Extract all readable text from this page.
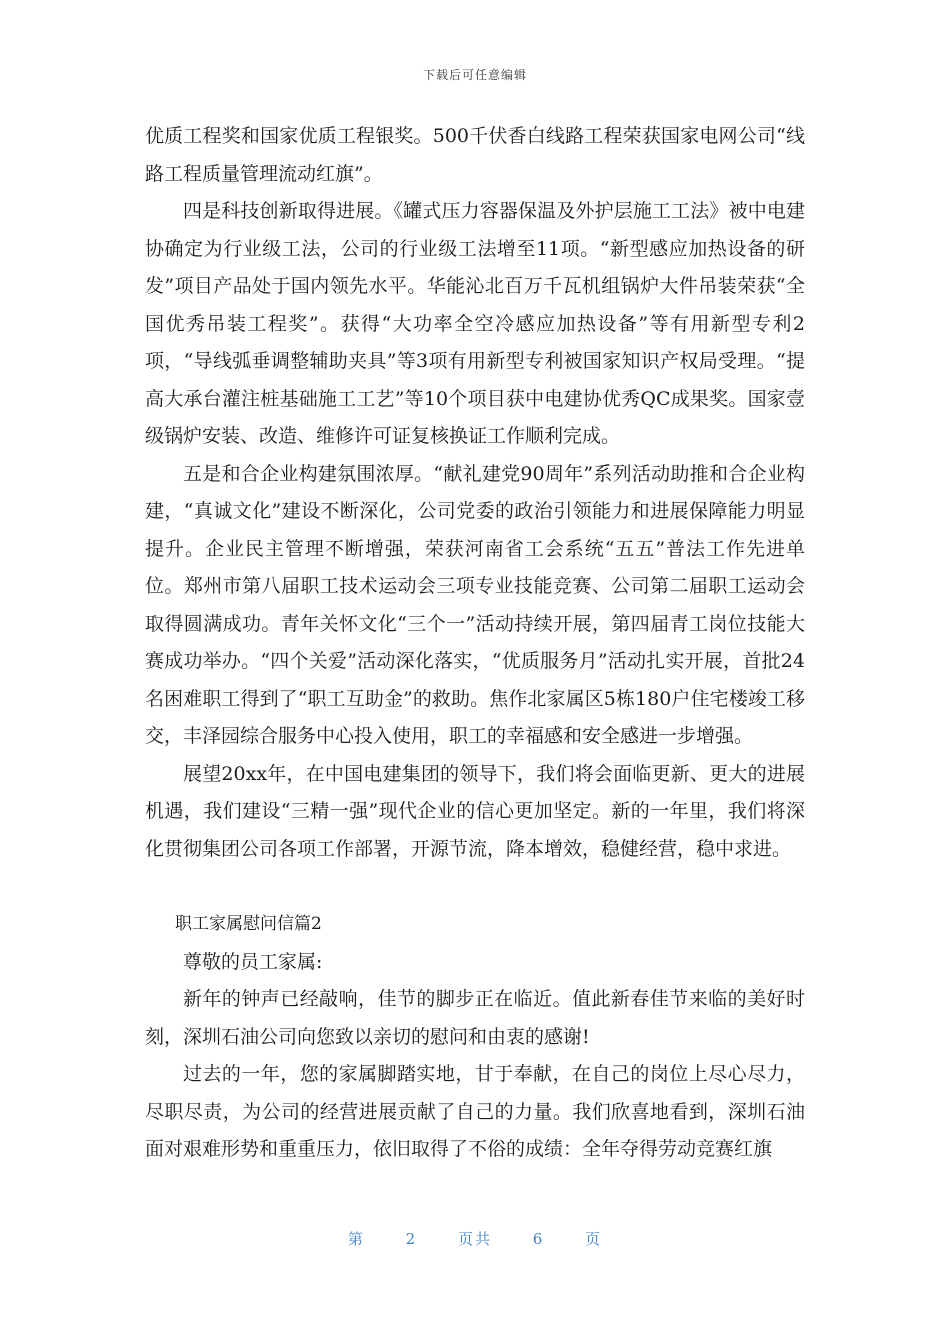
下载后可任意编辑

优质工程奖和国家优质工程银奖。500千伏香白线路工程荣获国家电网公司“线路工程质量管理流动红旗”。

四是科技创新取得进展。《罐式压力容器保温及外护层施工工法》被中电建协确定为行业级工法，公司的行业级工法增至11项。“新型感应加热设备的研发”项目产品处于国内领先水平。华能沁北百万千瓦机组锅炉大件吊装荣获“全国优秀吊装工程奖”。获得“大功率全空冷感应加热设备”等有用新型专利2项，“导线弧垂调整辅助夹具”等3项有用新型专利被国家知识产权局受理。“提高大承台灌注桩基础施工工艺”等10个项目获中电建协优秀QC成果奖。国家壹级锅炉安装、改造、维修许可证复核换证工作顺利完成。

五是和合企业构建氛围浓厚。“献礼建党90周年”系列活动助推和合企业构建，“真诚文化”建设不断深化，公司党委的政治引领能力和进展保障能力明显提升。企业民主管理不断增强，荣获河南省工会系统“五五”普法工作先进单位。郑州市第八届职工技术运动会三项专业技能竞赛、公司第二届职工运动会取得圆满成功。青年关怀文化“三个一”活动持续开展，第四届青工岗位技能大赛成功举办。“四个关爱”活动深化落实，“优质服务月”活动扎实开展，首批24名困难职工得到了“职工互助金”的救助。焦作北家属区5栋180户住宅楼竣工移交，丰泽园综合服务中心投入使用，职工的幸福感和安全感进一步增强。

展望20xx年，在中国电建集团的领导下，我们将会面临更新、更大的进展机遇，我们建设“三精一强”现代企业的信心更加坚定。新的一年里，我们将深化贯彻集团公司各项工作部署，开源节流，降本增效，稳健经营，稳中求进。

职工家属慰问信篇2

尊敬的员工家属:

新年的钟声已经敲响，佳节的脚步正在临近。值此新春佳节来临的美好时刻，深圳石油公司向您致以亲切的慰问和由衷的感谢!

过去的一年，您的家属脚踏实地，甘于奉献，在自己的岗位上尽心尽力，尽职尽责，为公司的经营进展贡献了自己的力量。我们欣喜地看到，深圳石油面对艰难形势和重重压力，依旧取得了不俗的成绩：全年夺得劳动竞赛红旗

第	2	页共	6	页
